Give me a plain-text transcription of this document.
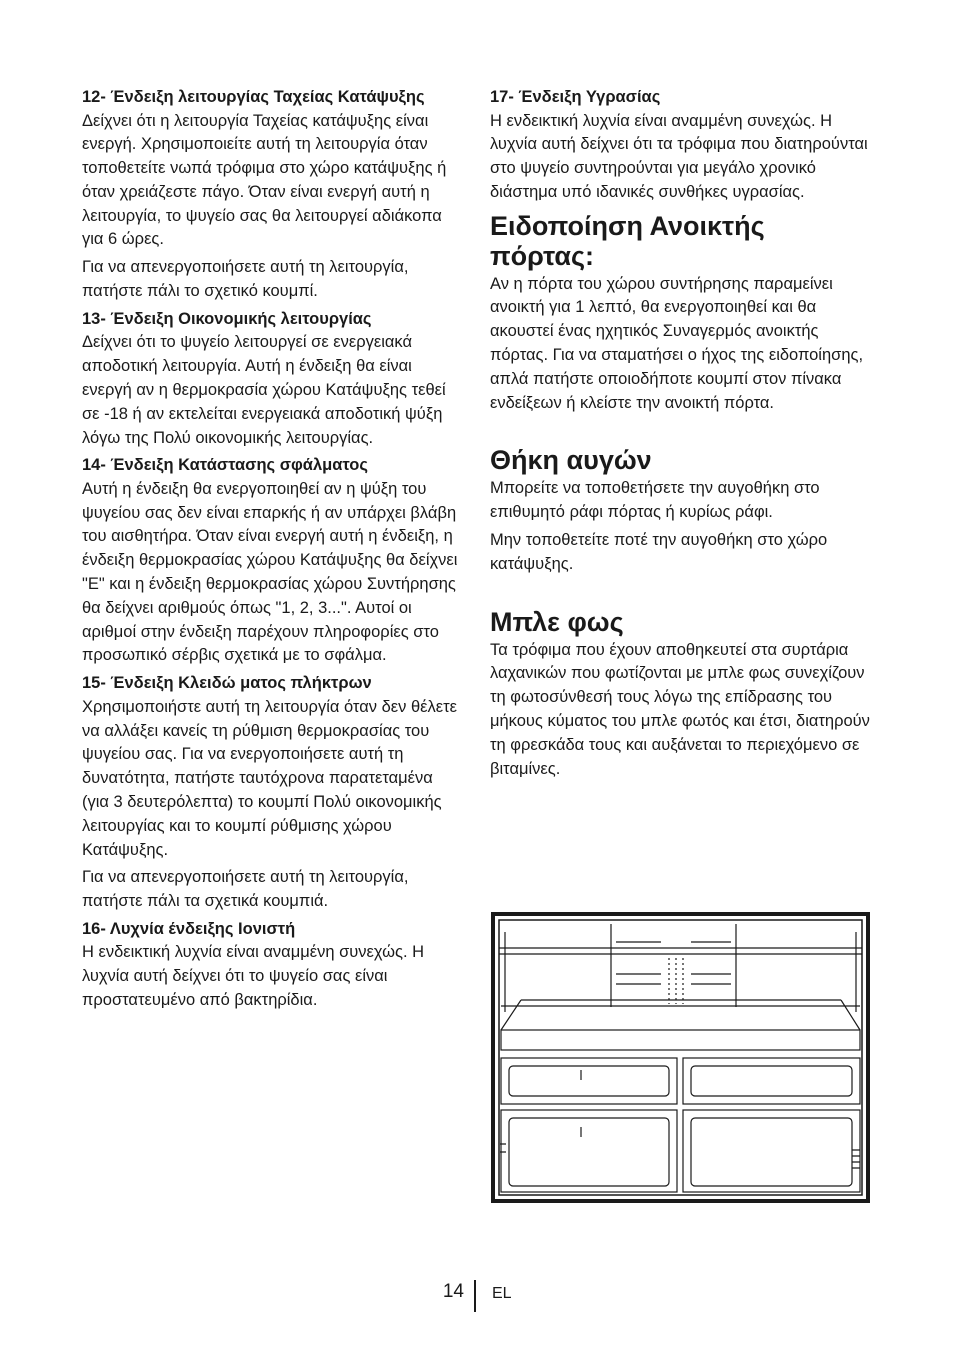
12- Ένδειξη λειτουργίας Ταχείας Κατάψυξης

Δείχνει ότι η λειτουργία Ταχείας κατάψυξης είναι ενεργή. Χρησιμοποιείτε αυτή τη λειτουργία όταν τοποθετείτε νωπά τρόφιμα στο χώρο κατάψυξης ή όταν χρειάζεστε πάγο. Όταν είναι ενεργή αυτή η λειτουργία, το ψυγείο σας θα λειτουργεί αδιάκοπα για 6 ώρες.

Για να απενεργοποιήσετε αυτή τη λειτουργία, πατήστε πάλι το σχετικό κουμπί.

13- Ένδειξη Οικονομικής λειτουργίας

Δείχνει ότι το ψυγείο λειτουργεί σε ενεργειακά αποδοτική λειτουργία. Αυτή η ένδειξη θα είναι ενεργή αν η θερμοκρασία χώρου Κατάψυξης τεθεί σε -18 ή αν εκτελείται ενεργειακά αποδοτική ψύξη λόγω της Πολύ οικονομικής λειτουργίας.

14- Ένδειξη Κατάστασης σφάλματος

Αυτή η ένδειξη θα ενεργοποιηθεί αν η ψύξη του ψυγείου σας δεν είναι επαρκής ή αν υπάρχει βλάβη του αισθητήρα. Όταν είναι ενεργή αυτή η ένδειξη, η ένδειξη θερμοκρασίας χώρου Κατάψυξης θα δείχνει "E" και η ένδειξη θερμοκρασίας χώρου Συντήρησης θα δείχνει αριθμούς όπως "1, 2, 3...". Αυτοί οι αριθμοί στην ένδειξη παρέχουν πληροφορίες στο προσωπικό σέρβις σχετικά με το σφάλμα.

15- Ένδειξη Κλειδώ ματος πλήκτρων

Χρησιμοποιήστε αυτή τη λειτουργία όταν δεν θέλετε να αλλάξει κανείς τη ρύθμιση θερμοκρασίας του ψυγείου σας. Για να ενεργοποιήσετε αυτή τη δυνατότητα, πατήστε ταυτόχρονα παρατεταμένα (για 3 δευτερόλεπτα) το κουμπί Πολύ οικονομικής λειτουργίας και το κουμπί ρύθμισης χώρου Κατάψυξης.

Για να απενεργοποιήσετε αυτή τη λειτουργία, πατήστε πάλι τα σχετικά κουμπιά.

16- Λυχνία ένδειξης Ιονιστή

Η ενδεικτική λυχνία είναι αναμμένη συνεχώς. Η λυχνία αυτή δείχνει ότι το ψυγείο σας είναι προστατευμένο από βακτηρίδια.

17- Ένδειξη Υγρασίας

Η ενδεικτική λυχνία είναι αναμμένη συνεχώς. Η λυχνία αυτή δείχνει ότι τα τρόφιμα που διατηρούνται στο ψυγείο συντηρούνται για μεγάλο χρονικό διάστημα υπό ιδανικές συνθήκες υγρασίας.

Ειδοποίηση Ανοικτής πόρτας:

Αν η πόρτα του χώρου συντήρησης παραμείνει ανοικτή για 1 λεπτό, θα ενεργοποιηθεί και θα ακουστεί ένας ηχητικός Συναγερμός ανοικτής πόρτας. Για να σταματήσει ο ήχος της ειδοποίησης, απλά πατήστε οποιοδήποτε κουμπί στον πίνακα ενδείξεων ή κλείστε την ανοικτή πόρτα.

Θήκη αυγών

Μπορείτε να τοποθετήσετε την αυγοθήκη στο επιθυμητό ράφι πόρτας ή κυρίως ράφι.

Μην τοποθετείτε ποτέ την αυγοθήκη στο χώρο κατάψυξης.

Μπλε φως

Τα τρόφιμα που έχουν αποθηκευτεί στα συρτάρια λαχανικών που φωτίζονται με μπλε φως συνεχίζουν τη φωτοσύνθεσή τους λόγω της επίδρασης του μήκους κύματος του μπλε φωτός και έτσι, διατηρούν τη φρεσκάδα τους και αυξάνεται το περιεχόμενο σε βιταμίνες.

14 EL
